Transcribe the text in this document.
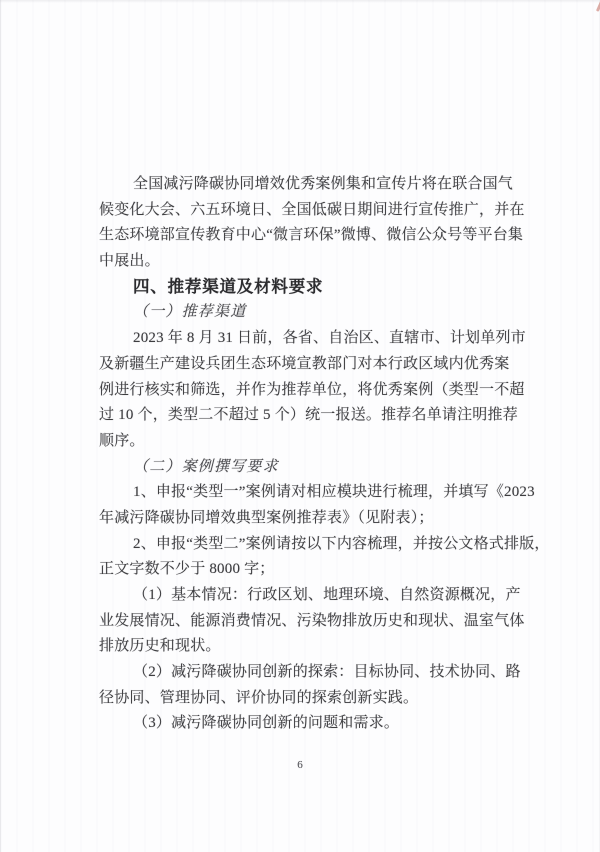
全国减污降碳协同增效优秀案例集和宣传片将在联合国气
候变化大会、六五环境日、全国低碳日期间进行宣传推广，并在
生态环境部宣传教育中心“微言环保”微博、微信公众号等平台集
中展出。
四、推荐渠道及材料要求
（一）推荐渠道
2023 年 8 月 31 日前，各省、自治区、直辖市、计划单列市
及新疆生产建设兵团生态环境宣教部门对本行政区域内优秀案
例进行核实和筛选，并作为推荐单位，将优秀案例（类型一不超
过 10 个，类型二不超过 5 个）统一报送。推荐名单请注明推荐
顺序。
（二）案例撰写要求
1、申报“类型一”案例请对相应模块进行梳理，并填写《2023
年减污降碳协同增效典型案例推荐表》（见附表）；
2、申报“类型二”案例请按以下内容梳理，并按公文格式排版，
正文字数不少于 8000 字；
（1）基本情况：行政区划、地理环境、自然资源概况，产
业发展情况、能源消费情况、污染物排放历史和现状、温室气体
排放历史和现状。
（2）减污降碳协同创新的探索：目标协同、技术协同、路
径协同、管理协同、评价协同的探索创新实践。
（3）减污降碳协同创新的问题和需求。
6
